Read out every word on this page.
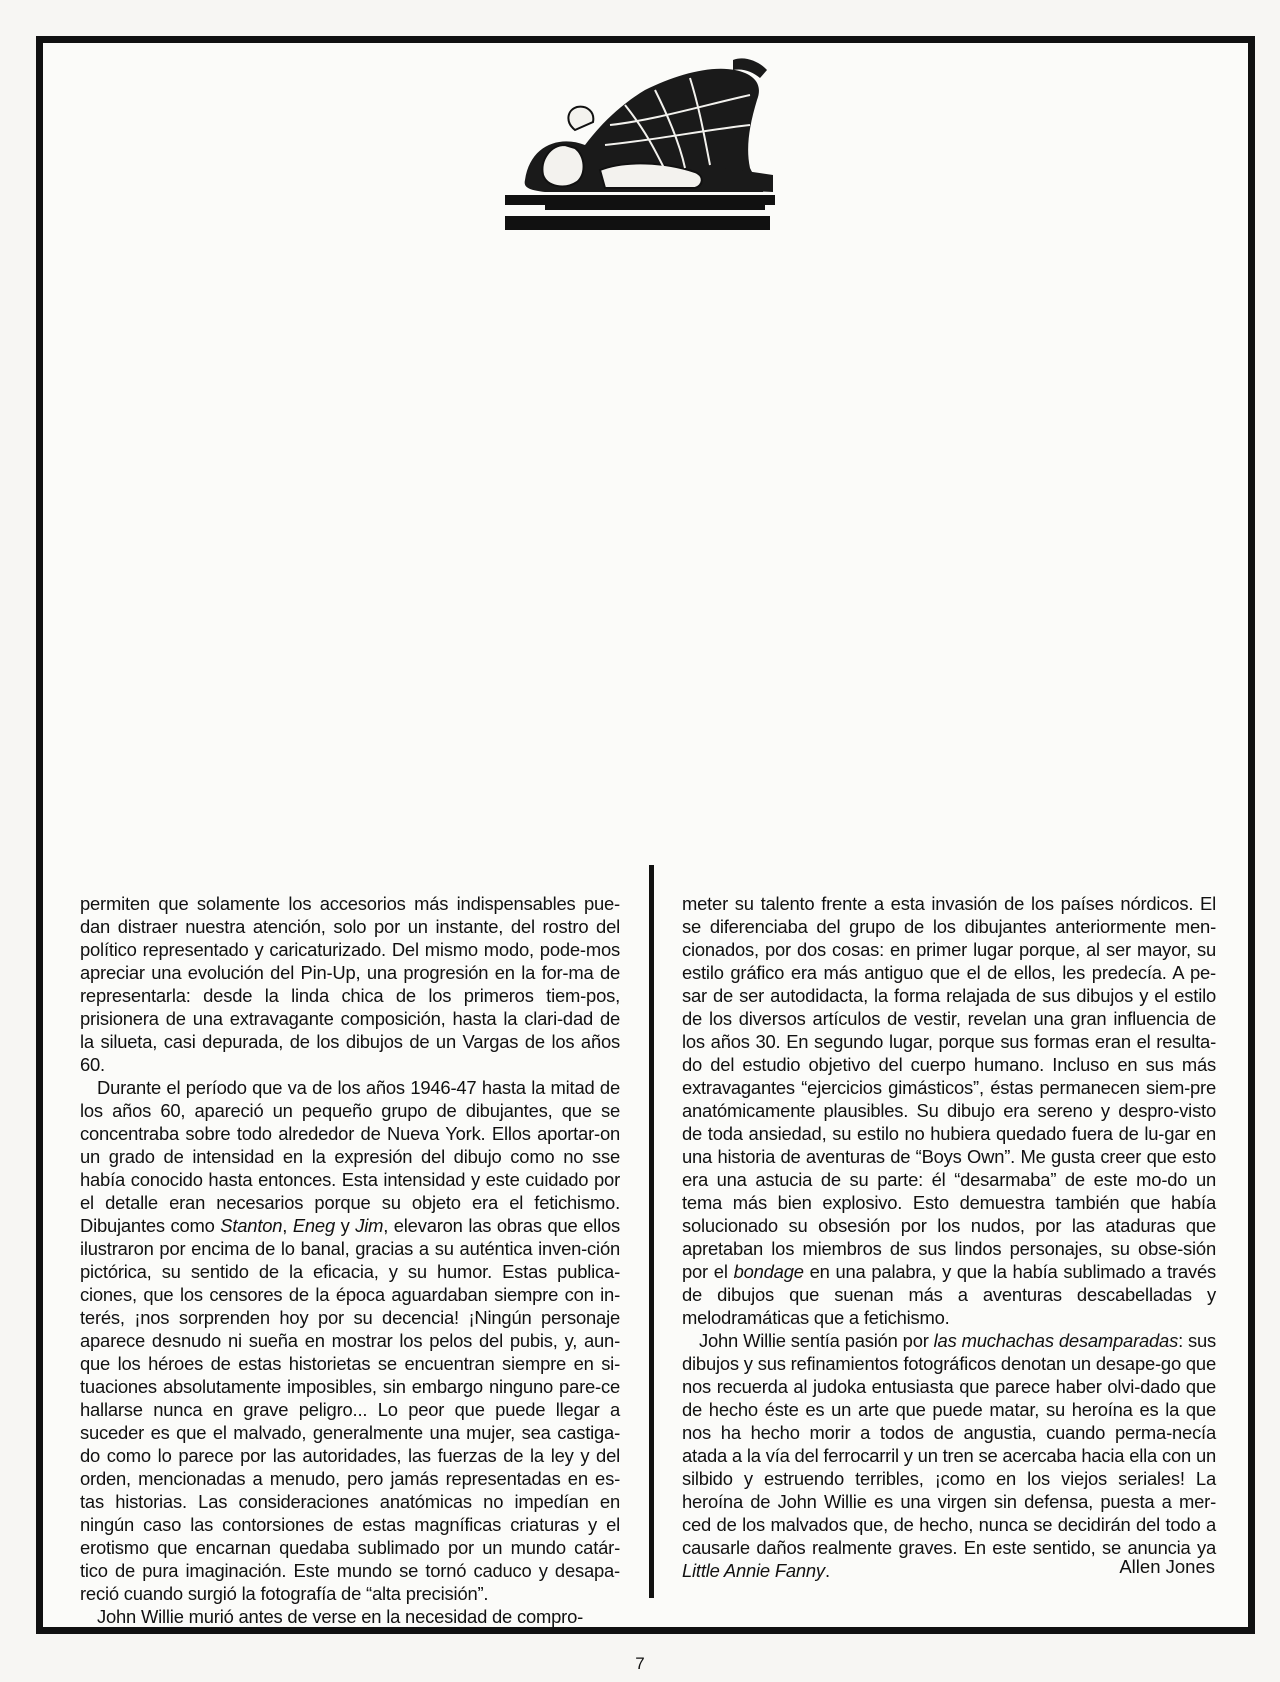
permiten que solamente los accesorios más indispensables pue-dan distraer nuestra atención, solo por un instante, del rostro del político representado y caricaturizado. Del mismo modo, pode-mos apreciar una evolución del Pin-Up, una progresión en la for-ma de representarla: desde la linda chica de los primeros tiem-pos, prisionera de una extravagante composición, hasta la clari-dad de la silueta, casi depurada, de los dibujos de un Vargas de los años 60.

Durante el período que va de los años 1946-47 hasta la mitad de los años 60, apareció un pequeño grupo de dibujantes, que se concentraba sobre todo alrededor de Nueva York. Ellos aportar-on un grado de intensidad en la expresión del dibujo como no sse había conocido hasta entonces. Esta intensidad y este cuidado por el detalle eran necesarios porque su objeto era el fetichismo. Dibujantes como Stanton, Eneg y Jim, elevaron las obras que ellos ilustraron por encima de lo banal, gracias a su auténtica inven-ción pictórica, su sentido de la eficacia, y su humor. Estas publica-ciones, que los censores de la época aguardaban siempre con in-terés, ¡nos sorprenden hoy por su decencia! ¡Ningún personaje aparece desnudo ni sueña en mostrar los pelos del pubis, y, aun-que los héroes de estas historietas se encuentran siempre en si-tuaciones absolutamente imposibles, sin embargo ninguno pare-ce hallarse nunca en grave peligro... Lo peor que puede llegar a suceder es que el malvado, generalmente una mujer, sea castiga-do como lo parece por las autoridades, las fuerzas de la ley y del orden, mencionadas a menudo, pero jamás representadas en es-tas historias. Las consideraciones anatómicas no impedían en ningún caso las contorsiones de estas magníficas criaturas y el erotismo que encarnan quedaba sublimado por un mundo catár-tico de pura imaginación. Este mundo se tornó caduco y desapa-reció cuando surgió la fotografía de “alta precisión”.

John Willie murió antes de verse en la necesidad de compro-

meter su talento frente a esta invasión de los países nórdicos. El se diferenciaba del grupo de los dibujantes anteriormente men-cionados, por dos cosas: en primer lugar porque, al ser mayor, su estilo gráfico era más antiguo que el de ellos, les predecía. A pe-sar de ser autodidacta, la forma relajada de sus dibujos y el estilo de los diversos artículos de vestir, revelan una gran influencia de los años 30. En segundo lugar, porque sus formas eran el resulta-do del estudio objetivo del cuerpo humano. Incluso en sus más extravagantes “ejercicios gimásticos”, éstas permanecen siem-pre anatómicamente plausibles. Su dibujo era sereno y despro-visto de toda ansiedad, su estilo no hubiera quedado fuera de lu-gar en una historia de aventuras de “Boys Own”. Me gusta creer que esto era una astucia de su parte: él “desarmaba” de este mo-do un tema más bien explosivo. Esto demuestra también que había solucionado su obsesión por los nudos, por las ataduras que apretaban los miembros de sus lindos personajes, su obse-sión por el bondage en una palabra, y que la había sublimado a través de dibujos que suenan más a aventuras descabelladas y melodramáticas que a fetichismo.

John Willie sentía pasión por las muchachas desamparadas: sus dibujos y sus refinamientos fotográficos denotan un desape-go que nos recuerda al judoka entusiasta que parece haber olvi-dado que de hecho éste es un arte que puede matar, su heroína es la que nos ha hecho morir a todos de angustia, cuando perma-necía atada a la vía del ferrocarril y un tren se acercaba hacia ella con un silbido y estruendo terribles, ¡como en los viejos seriales! La heroína de John Willie es una virgen sin defensa, puesta a mer-ced de los malvados que, de hecho, nunca se decidirán del todo a causarle daños realmente graves. En este sentido, se anuncia ya Little Annie Fanny.	Allen Jones
7
